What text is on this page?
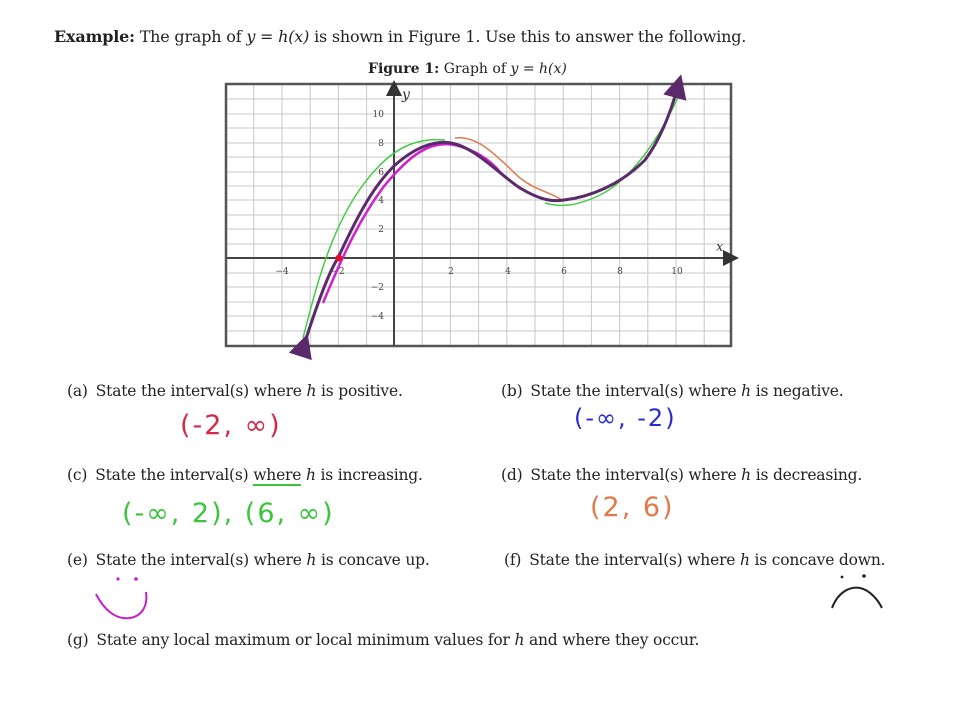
Example: The graph of y = h(x) is shown in Figure 1. Use this to answer the following.
Figure 1: Graph of y = h(x)
x
y
−4	−2	2	4	6	8	10
10
8
6
4
2
−2
−4
(a) State the interval(s) where h is positive.
(-2, ∞)
(b) State the interval(s) where h is negative.
(-∞, -2)
(c) State the interval(s) where h is increasing.
(-∞, 2), (6, ∞)
(d) State the interval(s) where h is decreasing.
(2, 6)
(e) State the interval(s) where h is concave up.	(f) State the interval(s) where h is concave down.
(g) State any local maximum or local minimum values for h and where they occur.
